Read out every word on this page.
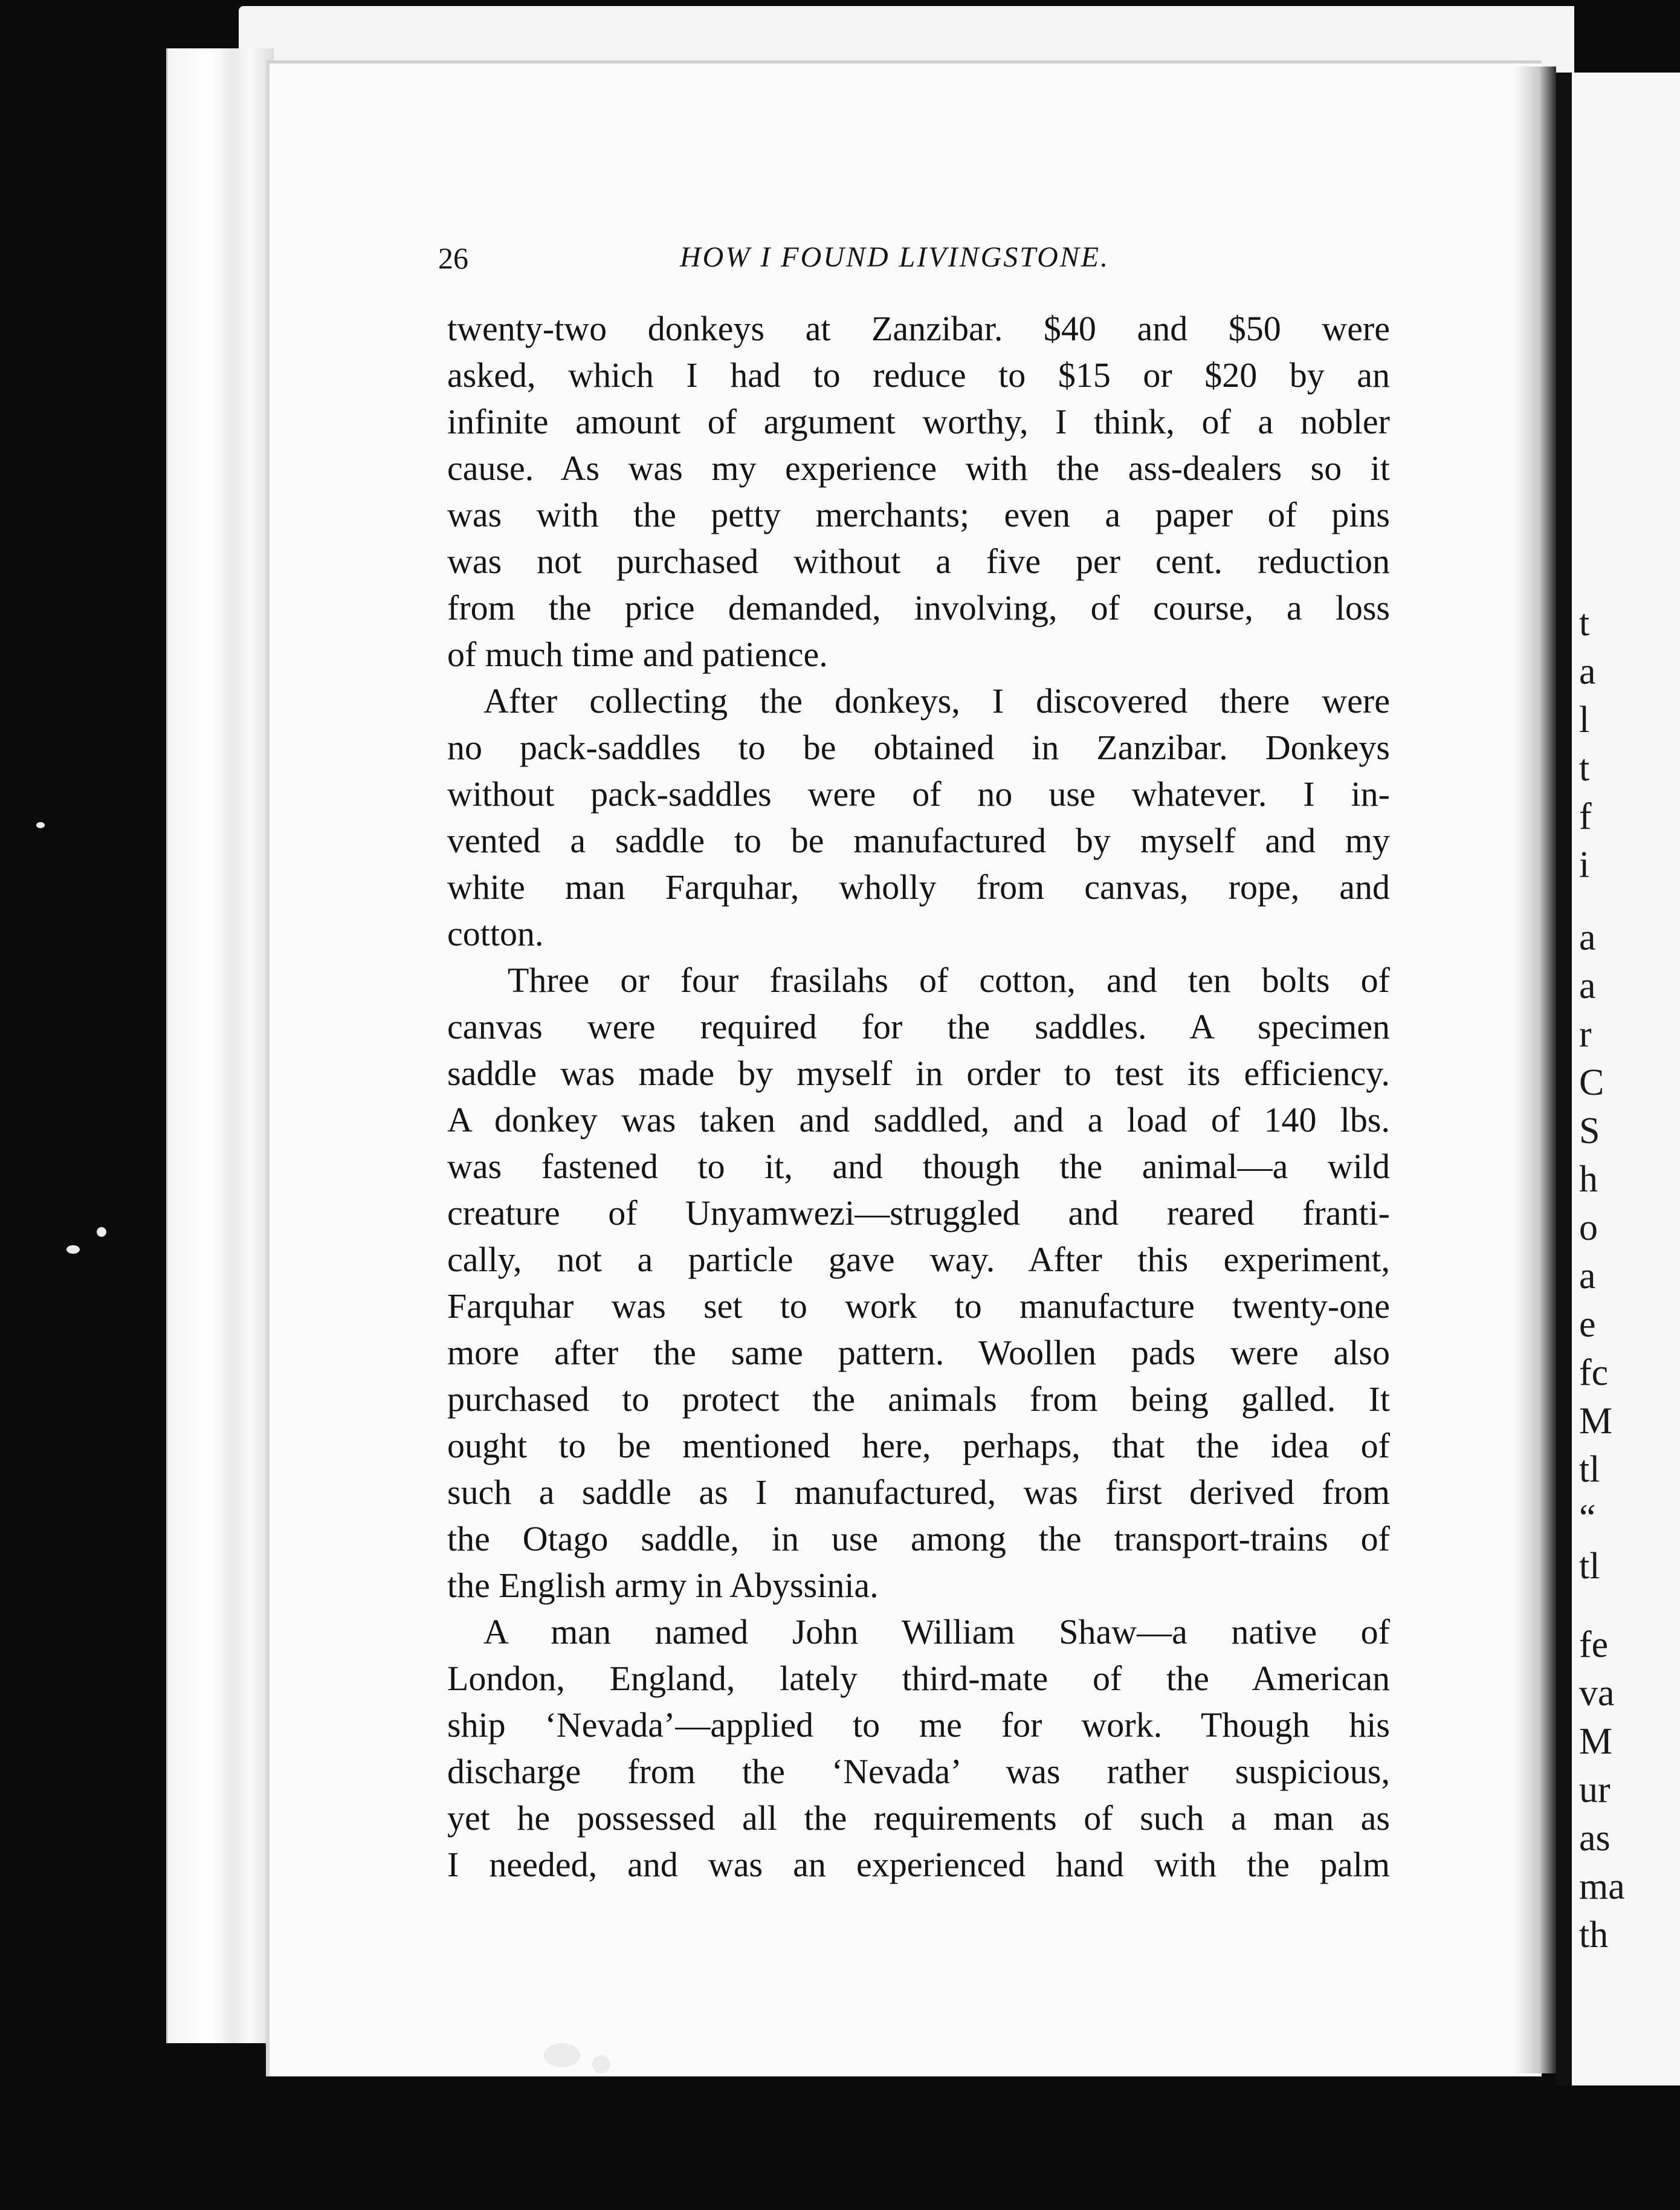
26	HOW I FOUND LIVINGSTONE.
twenty-two donkeys at Zanzibar. $40 and $50 were
asked, which I had to reduce to $15 or $20 by an
infinite amount of argument worthy, I think, of a nobler
cause. As was my experience with the ass-dealers so it
was with the petty merchants; even a paper of pins
was not purchased without a five per cent. reduction
from the price demanded, involving, of course, a loss
of much time and patience.
After collecting the donkeys, I discovered there were
no pack-saddles to be obtained in Zanzibar. Donkeys
without pack-saddles were of no use whatever. I in-
vented a saddle to be manufactured by myself and my
white man Farquhar, wholly from canvas, rope, and
cotton.
Three or four frasilahs of cotton, and ten bolts of
canvas were required for the saddles. A specimen
saddle was made by myself in order to test its efficiency.
A donkey was taken and saddled, and a load of 140 lbs.
was fastened to it, and though the animal—a wild
creature of Unyamwezi—struggled and reared franti-
cally, not a particle gave way. After this experiment,
Farquhar was set to work to manufacture twenty-one
more after the same pattern. Woollen pads were also
purchased to protect the animals from being galled. It
ought to be mentioned here, perhaps, that the idea of
such a saddle as I manufactured, was first derived from
the Otago saddle, in use among the transport-trains of
the English army in Abyssinia.
A man named John William Shaw—a native of
London, England, lately third-mate of the American
ship ‘Nevada’—applied to me for work. Though his
discharge from the ‘Nevada’ was rather suspicious,
yet he possessed all the requirements of such a man as
I needed, and was an experienced hand with the palm
t
a
l
t
f
i
a
a
r
C
S
h
o
a
e
fc
M
tl
“
tl
fe
va
M
ur
as
ma
th
